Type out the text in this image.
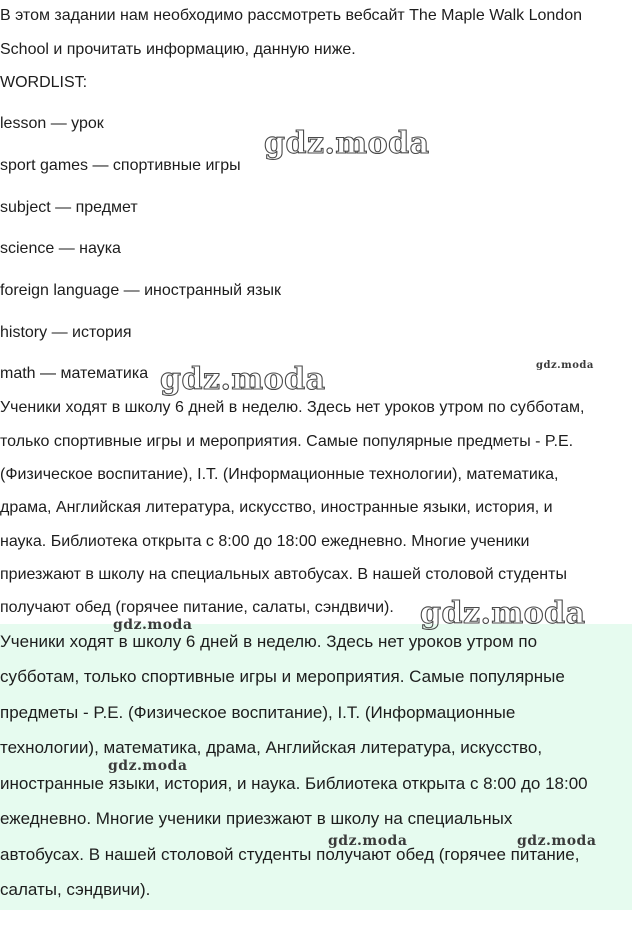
В этом задании нам необходимо рассмотреть вебсайт The Maple Walk London
School и прочитать информацию, данную ниже.
WORDLIST:
lesson — урок
sport games — спортивные игры
subject — предмет
science — наука
foreign language — иностранный язык
history — история
math — математика
Ученики ходят в школу 6 дней в неделю. Здесь нет уроков утром по субботам,
только спортивные игры и мероприятия. Самые популярные предметы - P.E.
(Физическое воспитание), I.T. (Информационные технологии), математика,
драма, Английская литература, искусство, иностранные языки, история, и
наука. Библиотека открыта с 8:00 до 18:00 ежедневно. Многие ученики
приезжают в школу на специальных автобусах. В нашей столовой студенты
получают обед (горячее питание, салаты, сэндвичи).
Ученики ходят в школу 6 дней в неделю. Здесь нет уроков утром по
субботам, только спортивные игры и мероприятия. Самые популярные
предметы - P.E. (Физическое воспитание), I.T. (Информационные
технологии), математика, драма, Английская литература, искусство,
иностранные языки, история, и наука. Библиотека открыта с 8:00 до 18:00
ежедневно. Многие ученики приезжают в школу на специальных
автобусах. В нашей столовой студенты получают обед (горячее питание,
салаты, сэндвичи).
gdz.moda
gdz.moda	gdz.moda
gdz.moda
gdz.moda
gdz.moda
gdz.moda	gdz.moda
